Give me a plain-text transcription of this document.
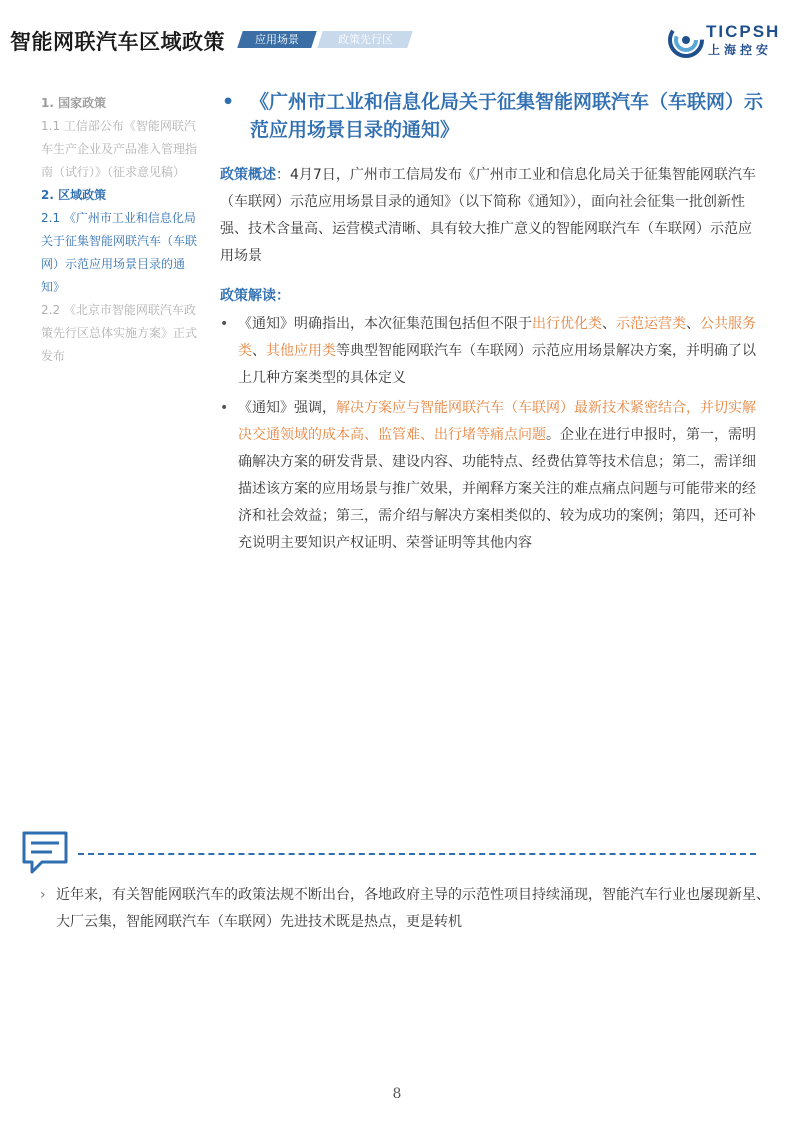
智能网联汽车区域政策	应用场景	政策先行区	TICPSH
上海控安

1. 国家政策

1.1 工信部公布《智能网联汽车生产企业及产品准入管理指南（试行）》（征求意见稿）

2. 区域政策

2.1 《广州市工业和信息化局关于征集智能网联汽车（车联网）示范应用场景目录的通知》

2.2 《北京市智能网联汽车政策先行区总体实施方案》正式发布

• 《广州市工业和信息化局关于征集智能网联汽车（车联网）示范应用场景目录的通知》
政策概述：4月7日，广州市工信局发布《广州市工业和信息化局关于征集智能网联汽车（车联网）示范应用场景目录的通知》（以下简称《通知》），面向社会征集一批创新性强、技术含量高、运营模式清晰、具有较大推广意义的智能网联汽车（车联网）示范应用场景
政策解读：
• 《通知》明确指出，本次征集范围包括但不限于出行优化类、示范运营类、公共服务类、其他应用类等典型智能网联汽车（车联网）示范应用场景解决方案，并明确了以上几种方案类型的具体定义
• 《通知》强调，解决方案应与智能网联汽车（车联网）最新技术紧密结合，并切实解决交通领域的成本高、监管难、出行堵等痛点问题。企业在进行申报时，第一，需明确解决方案的研发背景、建设内容、功能特点、经费估算等技术信息；第二，需详细描述该方案的应用场景与推广效果，并阐释方案关注的难点痛点问题与可能带来的经济和社会效益；第三，需介绍与解决方案相类似的、较为成功的案例；第四，还可补充说明主要知识产权证明、荣誉证明等其他内容
› 近年来，有关智能网联汽车的政策法规不断出台，各地政府主导的示范性项目持续涌现，智能汽车行业也屡现新星、大厂云集，智能网联汽车（车联网）先进技术既是热点，更是转机
8
